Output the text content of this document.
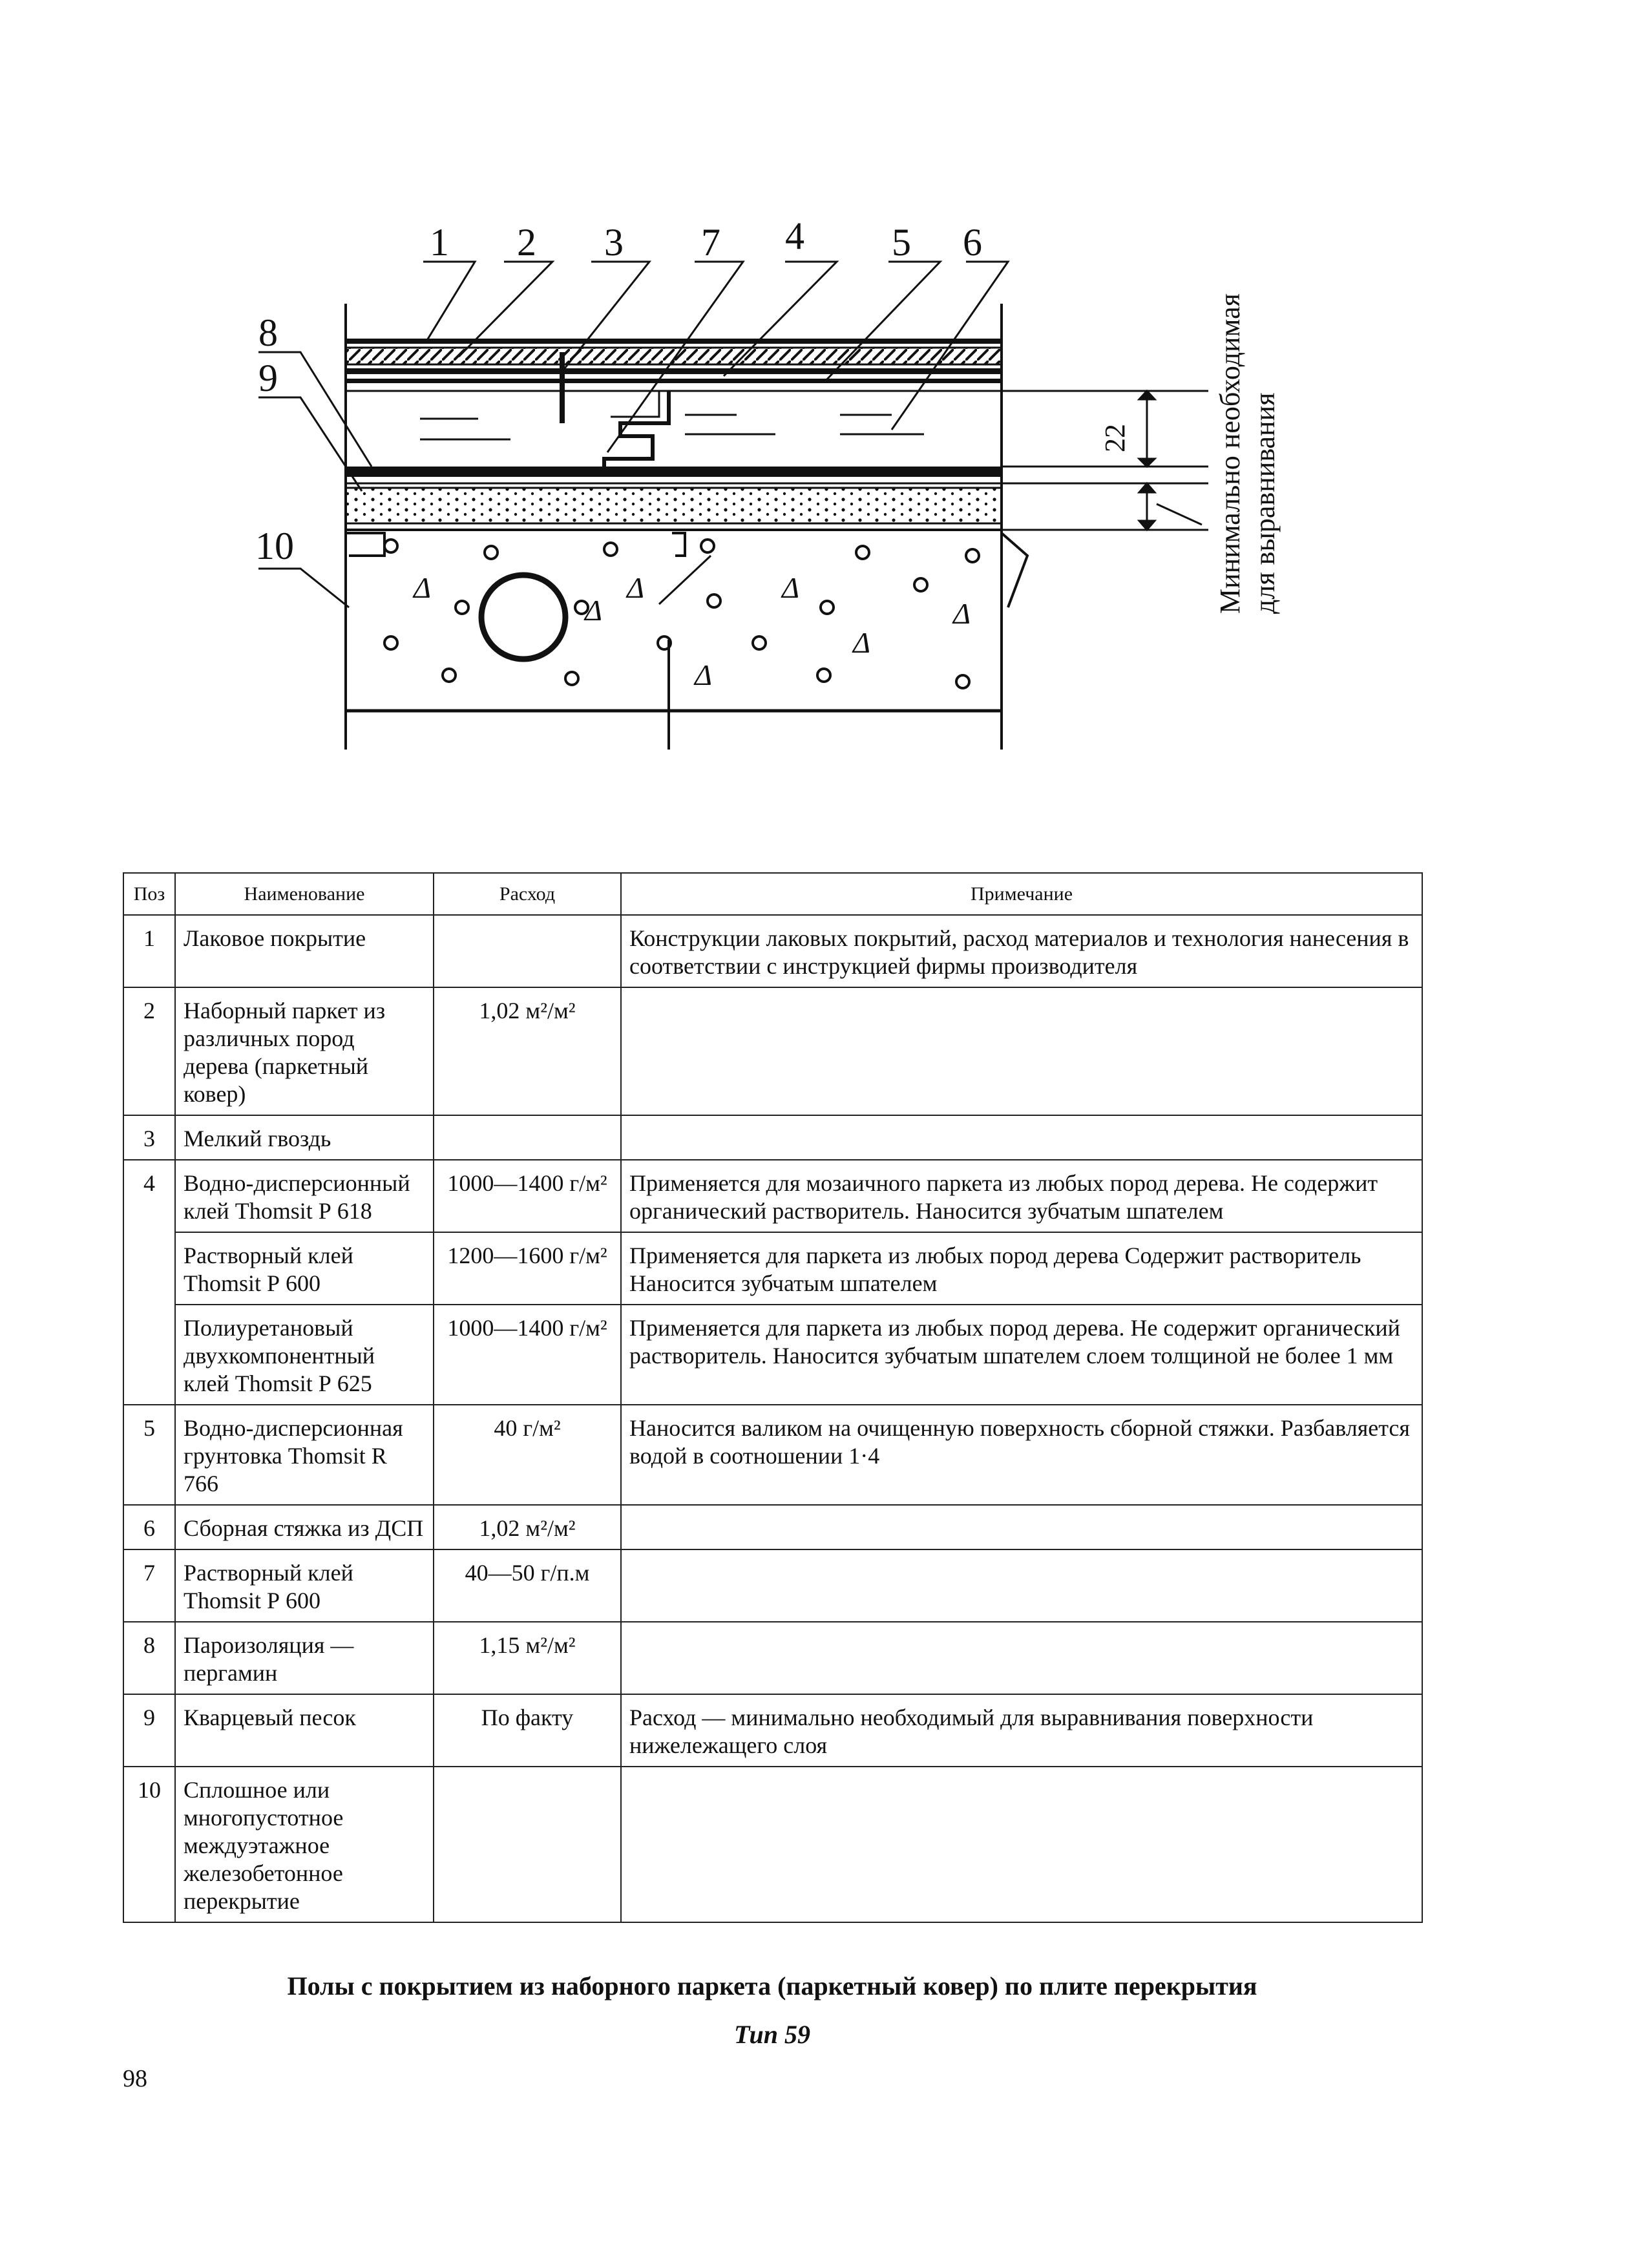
Δ
Δ
Δ	Δ
Δ
Δ
Δ
1 2 3 7 4 5 6
8
9
10
22	Минимально необходимая для выравнивания
Поз	Наименование	Расход	Примечание
1	Лаковое покрытие		Конструкции лаковых покрытий, расход материалов и технология нанесения в соответствии с инструкцией фирмы производителя
2	Наборный паркет из различных пород дерева (паркетный ковер)	1,02 м²/м²	
3	Мелкий гвоздь		
4	Водно-дисперсионный клей Thomsit Р 618	1000—1400 г/м²	Применяется для мозаичного паркета из любых пород дерева. Не содержит органический растворитель. Наносится зубчатым шпателем
	Растворный клей Thomsit Р 600	1200—1600 г/м²	Применяется для паркета из любых пород дерева Содержит растворитель Наносится зубчатым шпателем
	Полиуретановый двухкомпонентный клей Thomsit Р 625	1000—1400 г/м²	Применяется для паркета из любых пород дерева. Не содержит органический растворитель. Наносится зубчатым шпателем слоем толщиной не более 1 мм
5	Водно-дисперсионная грунтовка Thomsit R 766	40 г/м²	Наносится валиком на очищенную поверхность сборной стяжки. Разбавляется водой в соотношении 1·4
6	Сборная стяжка из ДСП	1,02 м²/м²	
7	Растворный клей Thomsit Р 600	40—50 г/п.м	
8	Пароизоляция — пергамин	1,15 м²/м²	
9	Кварцевый песок	По факту	Расход — минимально необходимый для выравнивания поверхности нижележащего слоя
10	Сплошное или многопустотное междуэтажное железобетонное перекрытие		
Полы с покрытием из наборного паркета (паркетный ковер) по плите перекрытия
Тип 59
98
